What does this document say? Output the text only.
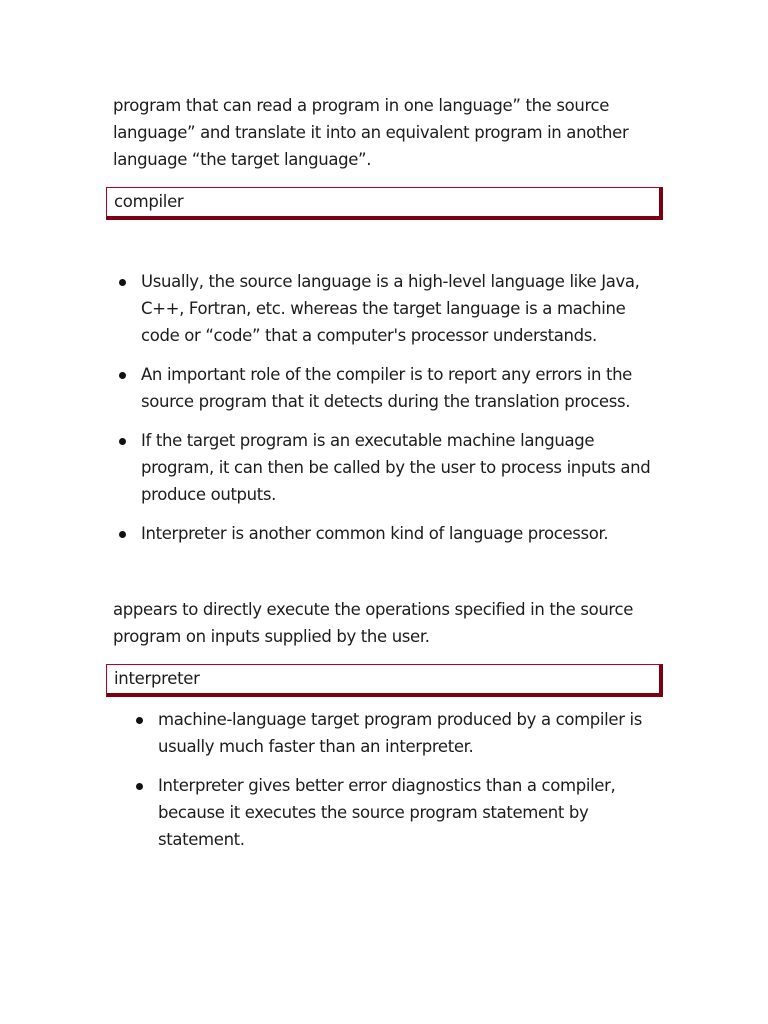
program that can read a program in one language” the source language” and translate it into an equivalent program in another language “the target language”.

compiler
Usually, the source language is a high-level language like Java, C++, Fortran, etc. whereas the target language is a machine code or “code” that a computer's processor understands.
An important role of the compiler is to report any errors in the source program that it detects during the translation process.
If the target program is an executable machine language program, it can then be called by the user to process inputs and produce outputs.
Interpreter is another common kind of language processor.

appears to directly execute the operations specified in the source program on inputs supplied by the user.

interpreter
machine-language target program produced by a compiler is usually much faster than an interpreter.
Interpreter gives better error diagnostics than a compiler, because it executes the source program statement by statement.
